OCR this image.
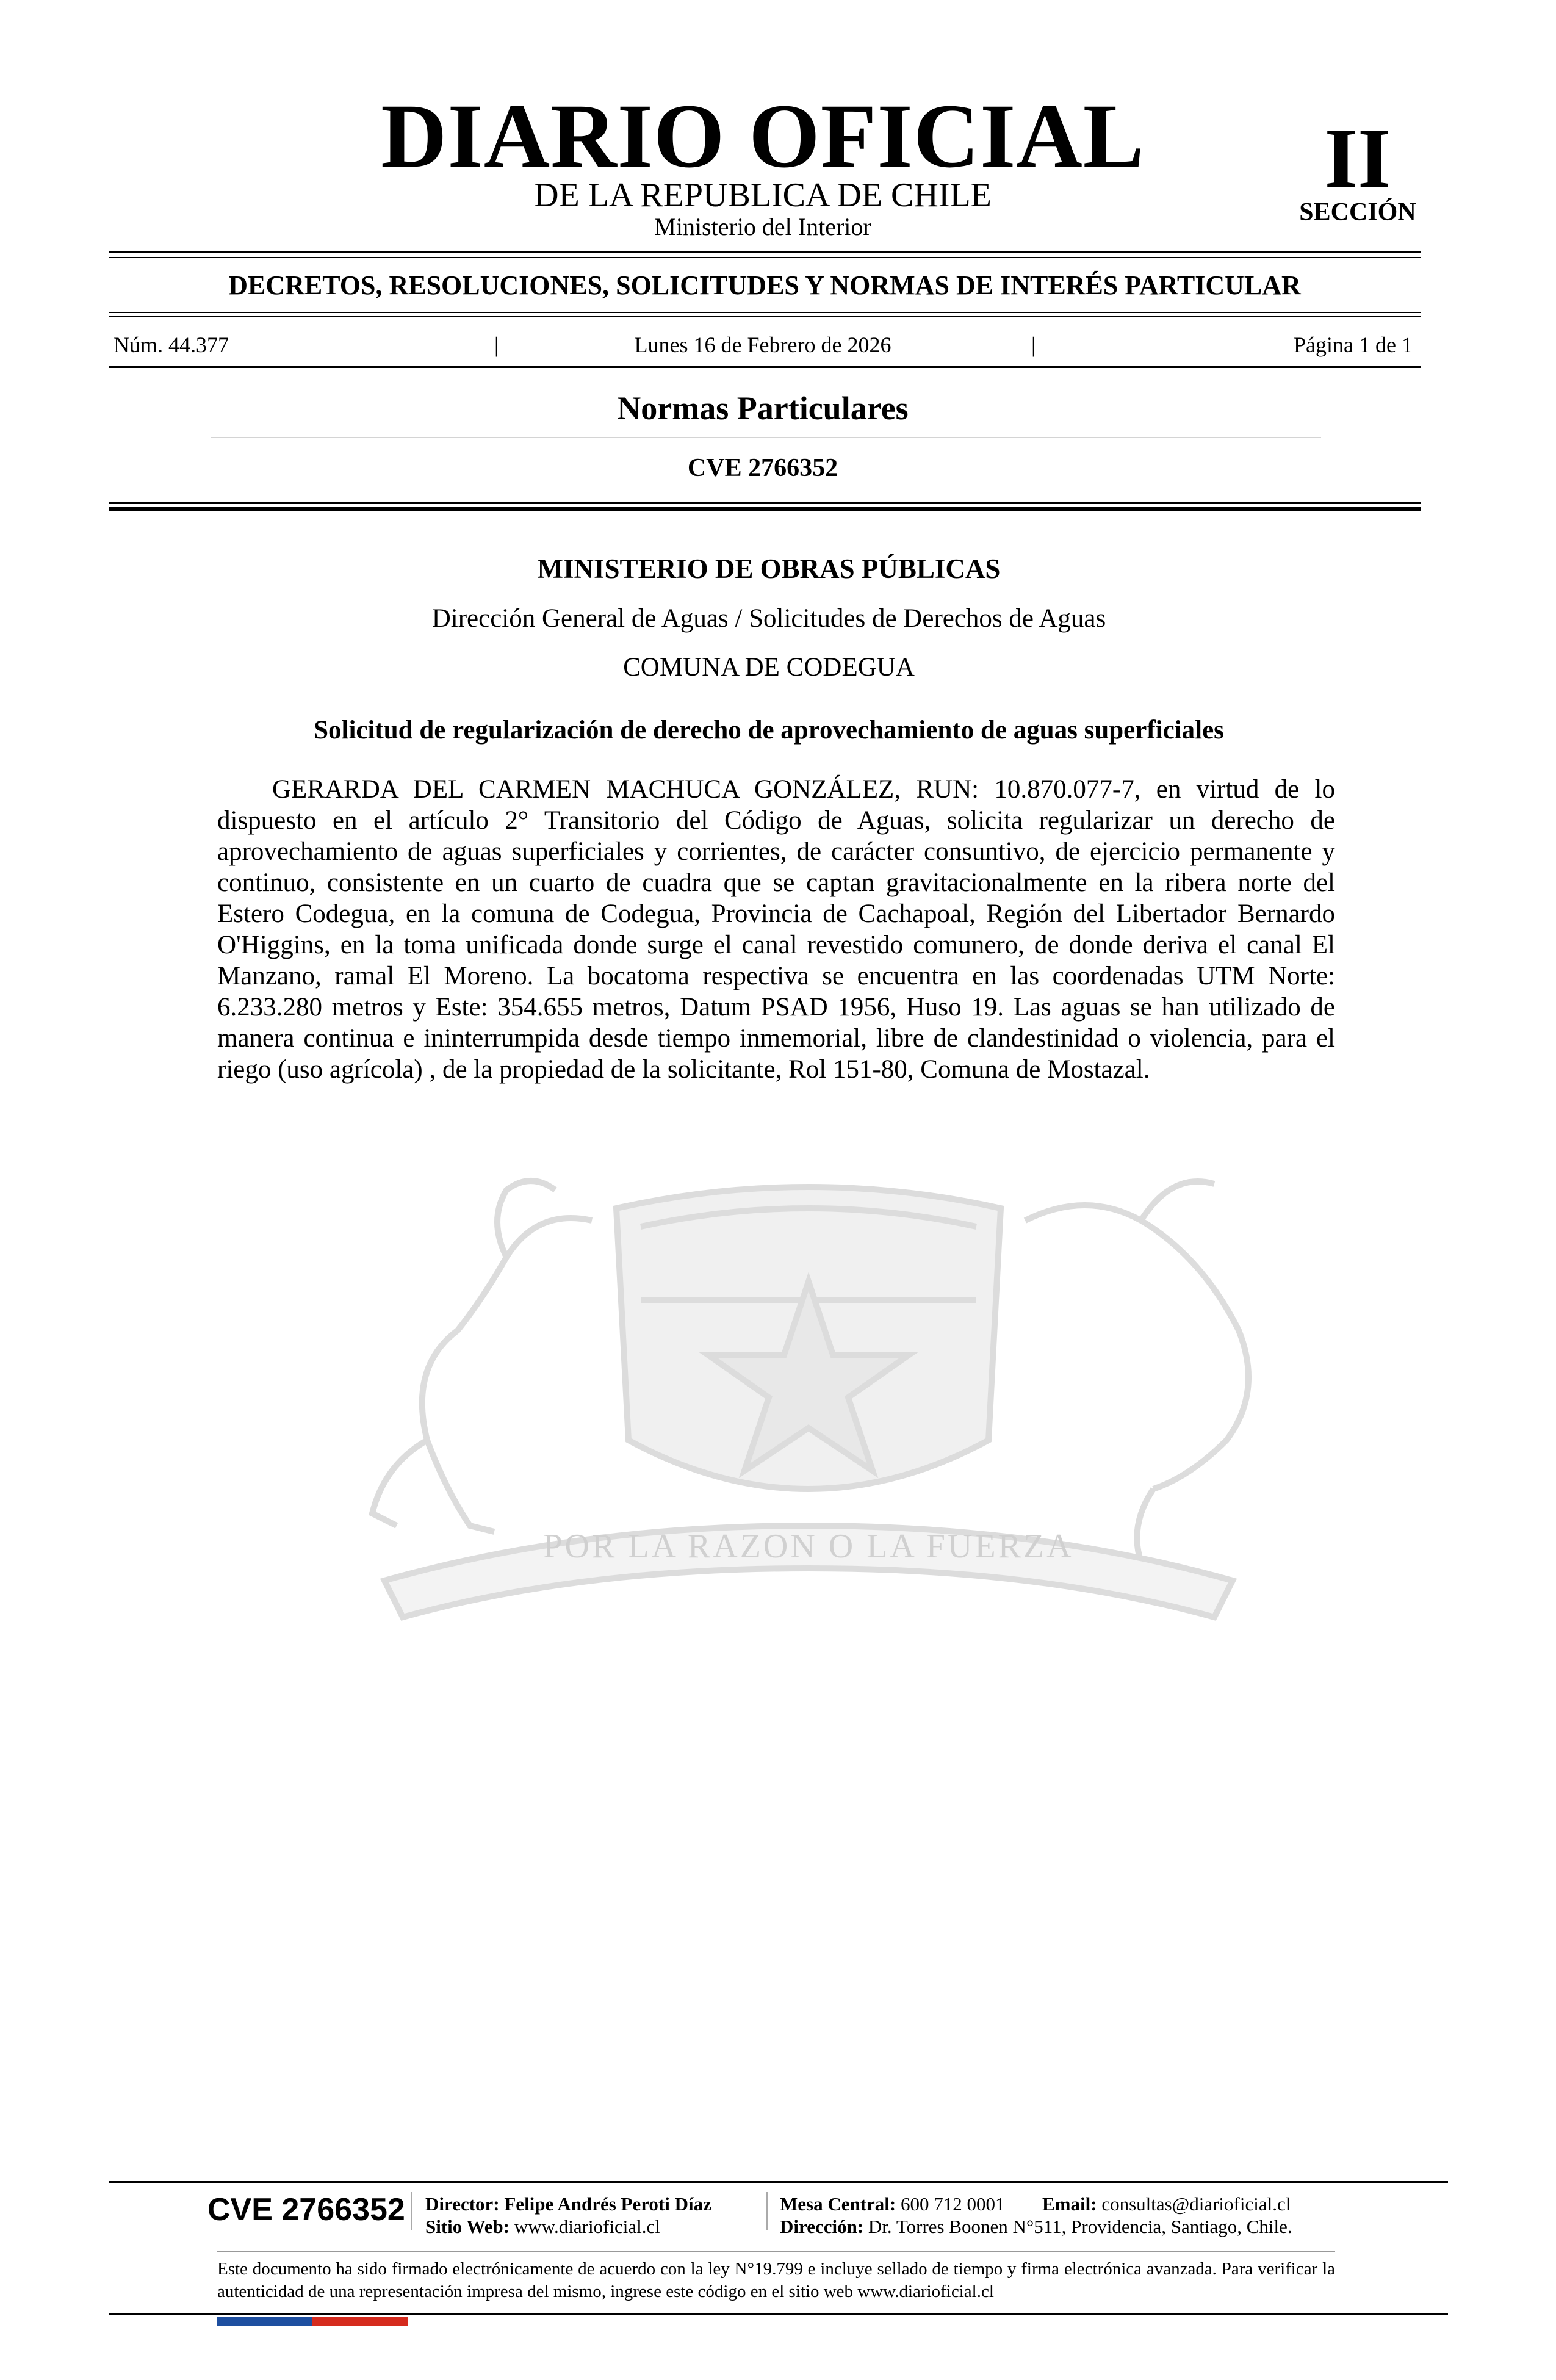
DIARIO OFICIAL
DE LA REPUBLICA DE CHILE
Ministerio del Interior
II
SECCIÓN
DECRETOS, RESOLUCIONES, SOLICITUDES Y NORMAS DE INTERÉS PARTICULAR
Núm. 44.377	|	Lunes 16 de Febrero de 2026	|	Página 1 de 1
Normas Particulares
CVE 2766352
POR LA RAZON O LA FUERZA
MINISTERIO DE OBRAS PÚBLICAS
Dirección General de Aguas / Solicitudes de Derechos de Aguas
COMUNA DE CODEGUA
Solicitud de regularización de derecho de aprovechamiento de aguas superficiales

GERARDA DEL CARMEN MACHUCA GONZÁLEZ, RUN: 10.870.077-7, en virtud de lo dispuesto en el artículo 2° Transitorio del Código de Aguas, solicita regularizar un derecho de aprovechamiento de aguas superficiales y corrientes, de carácter consuntivo, de ejercicio permanente y continuo, consistente en un cuarto de cuadra que se captan gravitacionalmente en la ribera norte del Estero Codegua, en la comuna de Codegua, Provincia de Cachapoal, Región del Libertador Bernardo O'Higgins, en la toma unificada donde surge el canal revestido comunero, de donde deriva el canal El Manzano, ramal El Moreno. La bocatoma respectiva se encuentra en las coordenadas UTM Norte: 6.233.280 metros y Este: 354.655 metros, Datum PSAD 1956, Huso 19. Las aguas se han utilizado de manera continua e ininterrumpida desde tiempo inmemorial, libre de clandestinidad o violencia, para el riego (uso agrícola) , de la propiedad de la solicitante, Rol 151-80, Comuna de Mostazal.

CVE 2766352 Director: Felipe Andrés Peroti Díaz
Sitio Web: www.diarioficial.cl
Mesa Central: 600 712 0001 Email: consultas@diarioficial.cl
Dirección: Dr. Torres Boonen N°511, Providencia, Santiago, Chile.

Este documento ha sido firmado electrónicamente de acuerdo con la ley N°19.799 e incluye sellado de tiempo y firma electrónica avanzada. Para verificar la autenticidad de una representación impresa del mismo, ingrese este código en el sitio web www.diarioficial.cl
